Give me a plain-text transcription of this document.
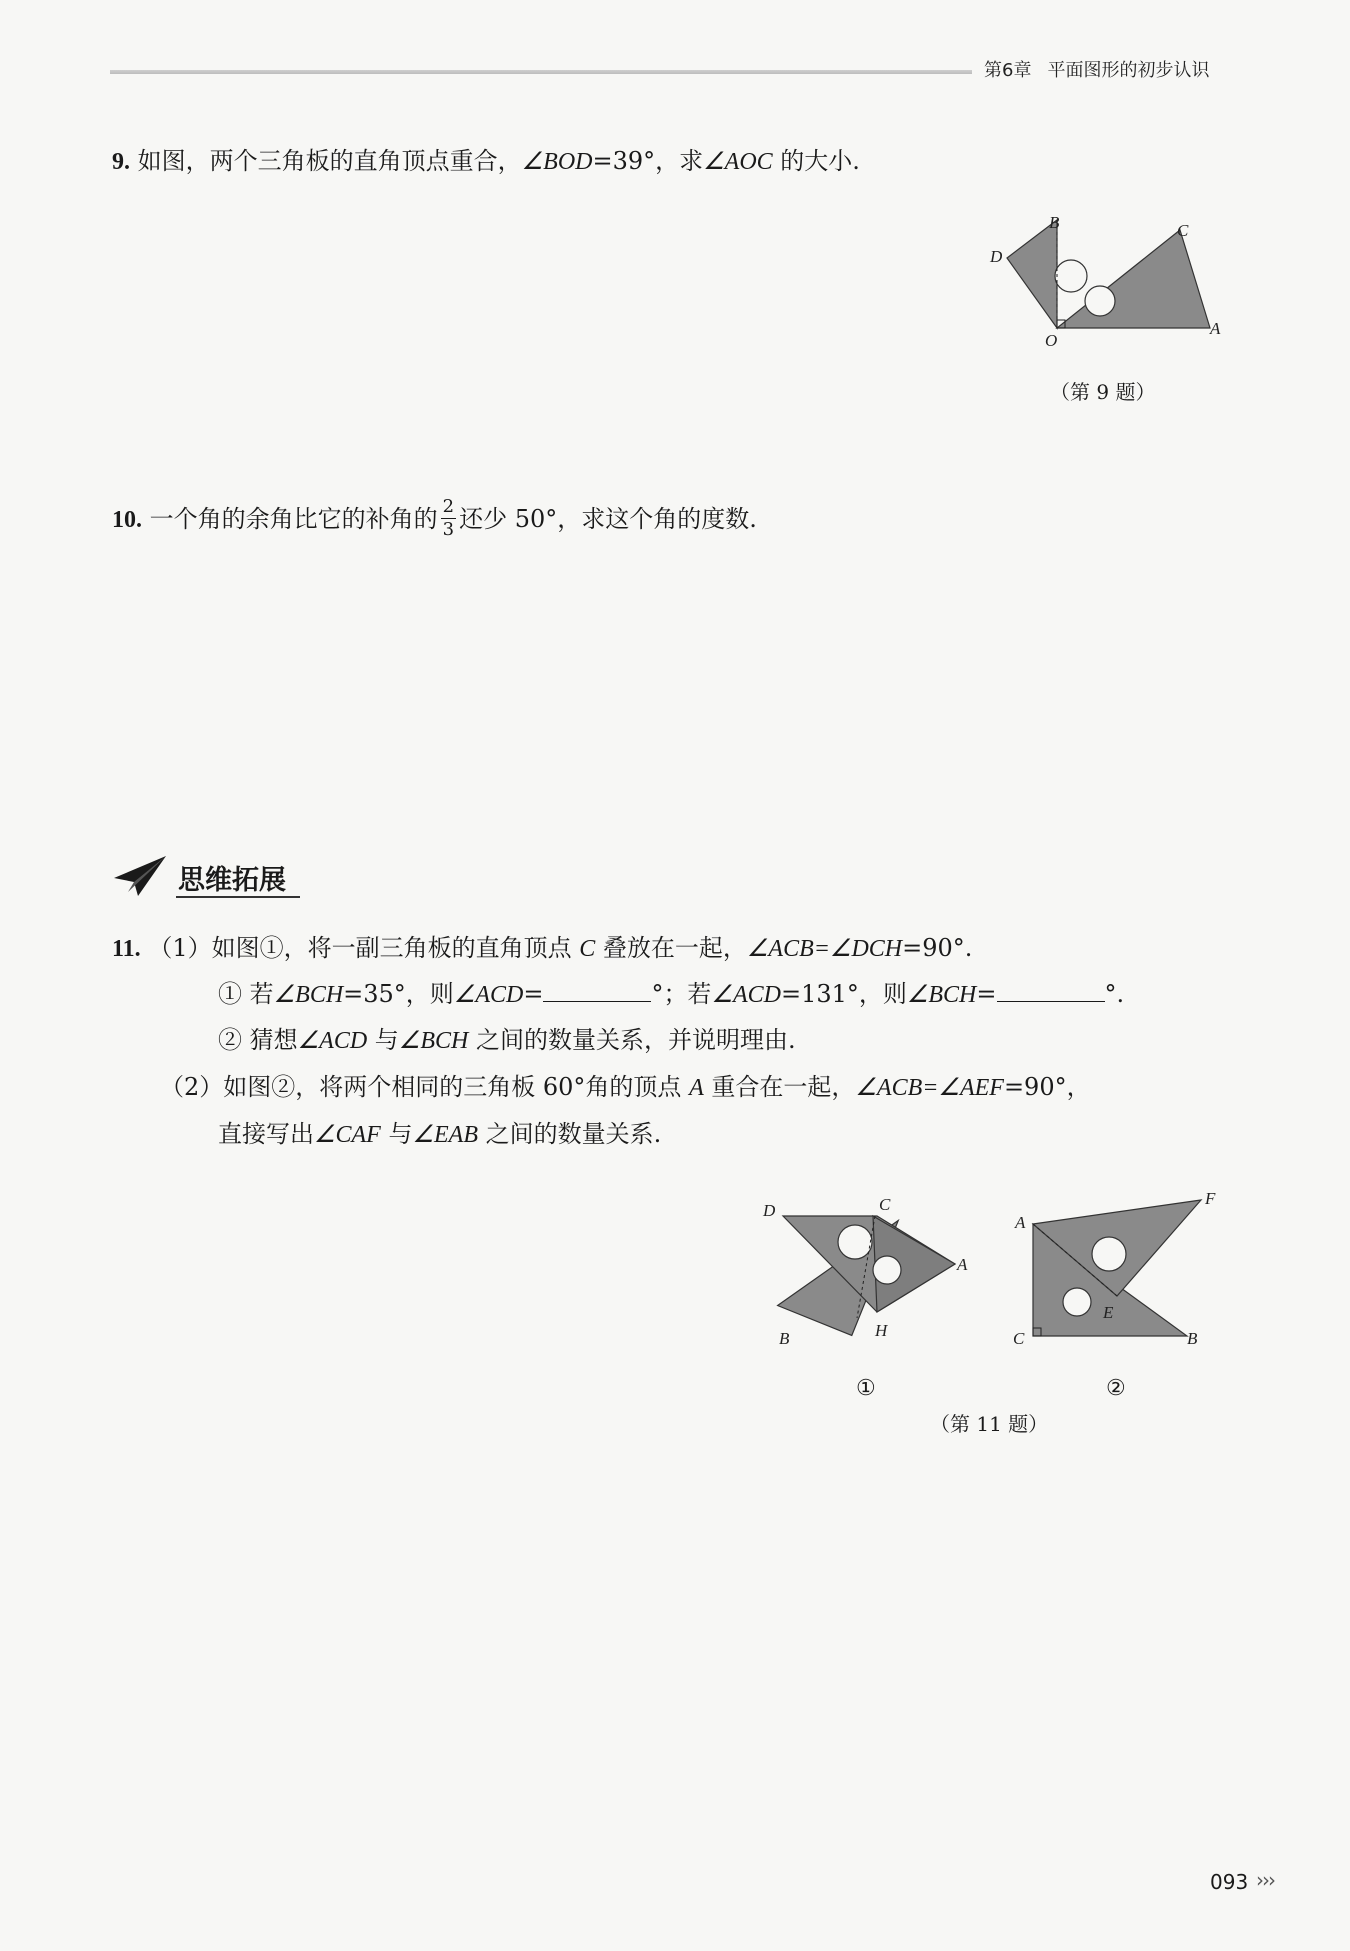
第6章 平面图形的初步认识
9. 如图，两个三角板的直角顶点重合，∠BOD=39°，求∠AOC 的大小.
B	C
D
O
A
（第 9 题）
10. 一个角的余角比它的补角的 $\frac{2}{3}$ 还少 50°，求这个角的度数.
思维拓展
11. （1）如图①，将一副三角板的直角顶点 C 叠放在一起，∠ACB=∠DCH=90°.
① 若∠BCH=35°，则∠ACD=	°；若∠ACD=131°，则∠BCH=	°.
② 猜想∠ACD 与∠BCH 之间的数量关系，并说明理由.
（2）如图②，将两个相同的三角板 60°角的顶点 A 重合在一起，∠ACB=∠AEF=90°，
直接写出∠CAF 与∠EAB 之间的数量关系.
D	C
A
B	H
F
A
E
C	B
①	②
（第 11 题）
093 ›››
